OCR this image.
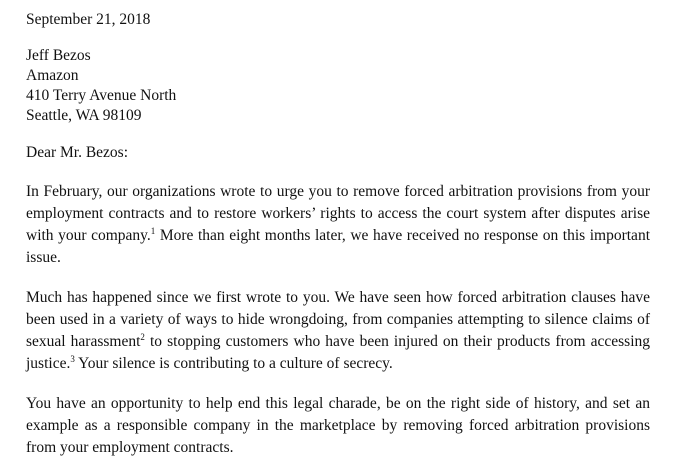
September 21, 2018
Jeff Bezos
Amazon
410 Terry Avenue North
Seattle, WA 98109
Dear Mr. Bezos:

In February, our organizations wrote to urge you to remove forced arbitration provisions from your employment contracts and to restore workers’ rights to access the court system after disputes arise with your company.$^1$ More than eight months later, we have received no response on this important issue.

Much has happened since we first wrote to you. We have seen how forced arbitration clauses have been used in a variety of ways to hide wrongdoing, from companies attempting to silence claims of sexual harassment$^2$ to stopping customers who have been injured on their products from accessing justice.$^3$ Your silence is contributing to a culture of secrecy.

You have an opportunity to help end this legal charade, be on the right side of history, and set an example as a responsible company in the marketplace by removing forced arbitration provisions from your employment contracts.
